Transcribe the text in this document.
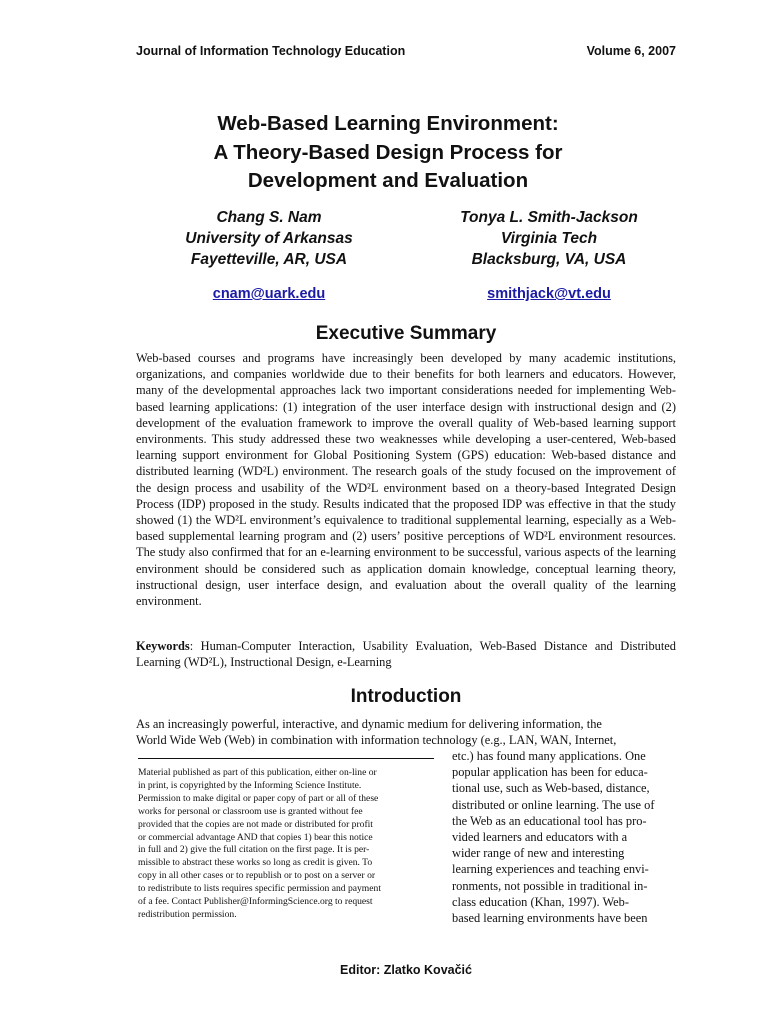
Journal of Information Technology Education	Volume 6, 2007
Web-Based Learning Environment:
A Theory-Based Design Process for
Development and Evaluation
Chang S. Nam
University of Arkansas
Fayetteville, AR, USA
Tonya L. Smith-Jackson
Virginia Tech
Blacksburg, VA, USA
cnam@uark.edu	smithjack@vt.edu
Executive Summary
Web-based courses and programs have increasingly been developed by many academic institutions, organizations, and companies worldwide due to their benefits for both learners and educators. However, many of the developmental approaches lack two important considerations needed for implementing Web-based learning applications: (1) integration of the user interface design with instructional design and (2) development of the evaluation framework to improve the overall quality of Web-based learning support environments. This study addressed these two weaknesses while developing a user-centered, Web-based learning support environment for Global Positioning System (GPS) education: Web-based distance and distributed learning (WD²L) environment. The research goals of the study focused on the improvement of the design process and usability of the WD²L environment based on a theory-based Integrated Design Process (IDP) proposed in the study. Results indicated that the proposed IDP was effective in that the study showed (1) the WD²L environment’s equivalence to traditional supplemental learning, especially as a Web-based supplemental learning program and (2) users’ positive perceptions of WD²L environment resources. The study also confirmed that for an e-learning environment to be successful, various aspects of the learning environment should be considered such as application domain knowledge, conceptual learning theory, instructional design, user interface design, and evaluation about the overall quality of the learning environment.
Keywords: Human-Computer Interaction, Usability Evaluation, Web-Based Distance and Distributed Learning (WD²L), Instructional Design, e-Learning
Introduction
As an increasingly powerful, interactive, and dynamic medium for delivering information, the
World Wide Web (Web) in combination with information technology (e.g., LAN, WAN, Internet,
etc.) has found many applications. One
popular application has been for educa-
tional use, such as Web-based, distance,
distributed or online learning. The use of
the Web as an educational tool has pro-
vided learners and educators with a
wider range of new and interesting
learning experiences and teaching envi-
ronments, not possible in traditional in-
class education (Khan, 1997). Web-
based learning environments have been
Material published as part of this publication, either on-line or
in print, is copyrighted by the Informing Science Institute.
Permission to make digital or paper copy of part or all of these
works for personal or classroom use is granted without fee
provided that the copies are not made or distributed for profit
or commercial advantage AND that copies 1) bear this notice
in full and 2) give the full citation on the first page. It is per-
missible to abstract these works so long as credit is given. To
copy in all other cases or to republish or to post on a server or
to redistribute to lists requires specific permission and payment
of a fee. Contact Publisher@InformingScience.org to request
redistribution permission.
Editor: Zlatko Kovačić
